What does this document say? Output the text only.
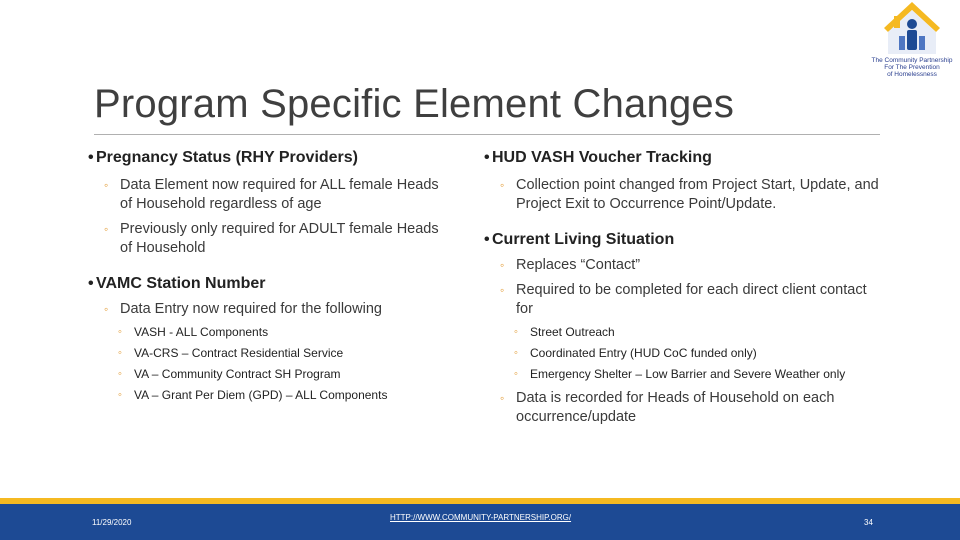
The Community Partnership
For The Prevention
of Homelessness
Program Specific Element Changes
• Pregnancy Status (RHY Providers)
◦ Data Element now required for ALL female Heads of Household regardless of age
◦ Previously only required for ADULT female Heads of Household
• VAMC Station Number
◦ Data Entry now required for the following
◦ VASH - ALL Components
◦ VA-CRS – Contract Residential Service
◦ VA – Community Contract SH Program
◦ VA – Grant Per Diem (GPD) – ALL Components
• HUD VASH Voucher Tracking
◦ Collection point changed from Project Start, Update, and Project Exit to Occurrence Point/Update.
• Current Living Situation
◦ Replaces “Contact”
◦ Required to be completed for each direct client contact for
◦ Street Outreach
◦ Coordinated Entry (HUD CoC funded only)
◦ Emergency Shelter – Low Barrier and Severe Weather only
◦ Data is recorded for Heads of Household on each occurrence/update
11/29/2020
HTTP://WWW.COMMUNITY-PARTNERSHIP.ORG/
34
